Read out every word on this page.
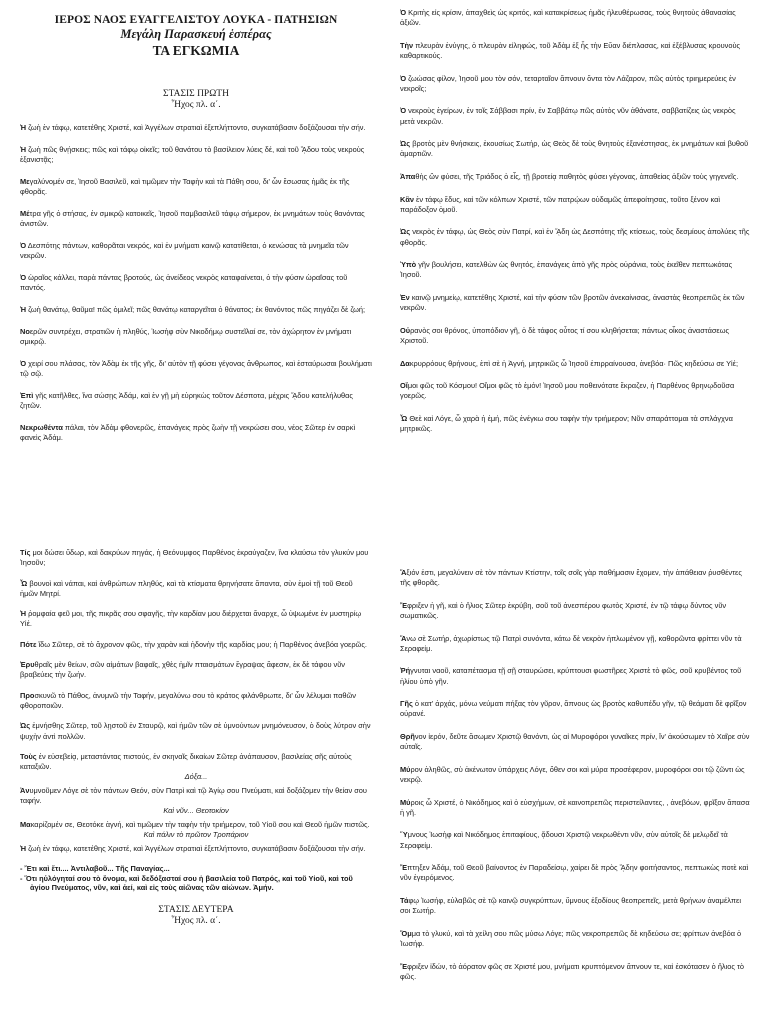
ΙΕΡΟΣ ΝΑΟΣ ΕΥΑΓΓΕΛΙΣΤΟΥ ΛΟΥΚΑ - ΠΑΤΗΣΙΩΝ
Μεγάλη Παρασκευή ἑσπέρας
ΤΑ ΕΓΚΩΜΙΑ
ΣΤΑΣΙΣ ΠΡΩΤΗ
Ἦχος πλ. α΄.
Ἡ ζωὴ ἐν τάφῳ, κατετέθης Χριστέ, καὶ Ἀγγέλων στρατιαὶ ἐξεπλήττοντο, συγκατάβασιν δοξάζουσαι τὴν σήν.
Ἡ ζωὴ πῶς θνῄσκεις; πῶς καὶ τάφῳ οἰκεῖς; τοῦ θανάτου τὸ βασίλειον λύεις δέ, καὶ τοῦ ᾍδου τοὺς νεκροὺς ἐξανιστᾷς;
Μεγαλύνομέν σε, Ἰησοῦ Βασιλεῦ, καὶ τιμῶμεν τὴν Ταφὴν καὶ τὰ Πάθη σου, δι' ὧν ἔσωσας ἡμᾶς ἐκ τῆς φθορᾶς.
Μέτρα γῆς ὁ στήσας, ἐν σμικρῷ κατοικεῖς, Ἰησοῦ παμβασιλεῦ τάφῳ σήμερον, ἐκ μνημάτων τοὺς θανόντας ἀνιστῶν.
Ὁ Δεσπότης πάντων, καθορᾶται νεκρός, καὶ ἐν μνήματι καινῷ κατατίθεται, ὁ κενώσας τὰ μνημεῖα τῶν νεκρῶν.
Ὁ ὡραῖος κάλλει, παρὰ πάντας βροτούς, ὡς ἀνείδεος νεκρὸς καταφαίνεται, ὁ τὴν φύσιν ὡραΐσας τοῦ παντός.
Ἡ ζωὴ θανάτῳ, θαῦμα! πῶς ὁμιλεῖ; πῶς θανάτῳ καταργεῖται ὁ θάνατος; ἐκ θανόντος πῶς πηγάζει δὲ ζωή;
Νοερῶν συντρέχει, στρατιῶν ἡ πληθύς, Ἰωσὴφ σὺν Νικοδήμῳ συστεῖλαί σε, τὸν ἀχώρητον ἐν μνήματι σμικρῷ.
Ὁ χειρί σου πλάσας, τὸν Ἀδὰμ ἐκ τῆς γῆς, δι' αὐτὸν τῇ φύσει γέγονας ἄνθρωπος, καὶ ἐσταύρωσαι βουλήματι τῷ σῷ.
Ἐπὶ γῆς κατῆλθες, ἵνα σώσῃς Ἀδάμ, καὶ ἐν γῇ μὴ εὑρηκὼς τοῦτον Δέσποτα, μέχρις ᾍδου κατελήλυθας ζητῶν.
Νεκρωθέντα πάλαι, τὸν Ἀδὰμ φθονερῶς, ἐπανάγεις πρὸς ζωὴν τῇ νεκρώσει σου, νέος Σῶτερ ἐν σαρκὶ φανεὶς Ἀδάμ.
Ὁ Κριτὴς εἰς κρίσιν, ἀπαχθεὶς ὡς κριτός, καὶ κατακρίσεως ἡμᾶς ἠλευθέρωσας, τοὺς θνητοὺς ἀθανασίας ἀξιῶν.
Τὴν πλευρὰν ἐνύγης, ὁ πλευρὰν εἰληφώς, τοῦ Ἀδὰμ ἐξ ἧς τὴν Εὔαν διέπλασας, καὶ ἐξέβλυσας κρουνοὺς καθαρτικούς.
Ὁ ζωώσας φίλον, Ἰησοῦ μου τὸν σόν, τεταρταῖον ἄπνουν ὄντα τὸν Λάζαρον, πῶς αὐτὸς τριημερεύεις ἐν νεκροῖς;
Ὁ νεκροὺς ἐγείρων, ἐν τοῖς Σάββασι πρίν, ἐν Σαββάτῳ πῶς αὐτὸς νῦν ἀθάνατε, σαββατίζεις ὡς νεκρὸς μετὰ νεκρῶν.
Ὡς βροτὸς μὲν θνήσκεις, ἑκουσίως Σωτήρ, ὡς Θεὸς δὲ τοὺς θνητοὺς ἐξανέστησας, ἐκ μνημάτων καὶ βυθοῦ ἁμαρτιῶν.
Ἀπαθὴς ὢν φύσει, τῆς Τριάδος ὁ εἷς, τῇ βροτείᾳ παθητὸς φύσει γέγονας, ἀπαθείας ἀξιῶν τοὺς γηγενεῖς.
Κἂν ἐν τάφῳ ἔδυς, καὶ τῶν κόλπων Χριστέ, τῶν πατρῴων οὐδαμῶς ἀπεφοίτησας, τοῦτο ξένον καὶ παράδοξον ὁμοῦ.
Ὡς νεκρὸς ἐν τάφῳ, ὡς Θεὸς σὺν Πατρί, καὶ ἐν ᾍδη ὡς Δεσπότης τῆς κτίσεως, τοὺς δεσμίους ἀπολύεις τῆς φθορᾶς.
Ὑπὸ γῆν βουλήσει, κατελθὼν ὡς θνητός, ἐπανάγεις ἀπὸ γῆς πρὸς οὐράνια, τοὺς ἐκεῖθεν πεπτωκότας Ἰησοῦ.
Ἐν καινῷ μνημείῳ, κατετέθης Χριστέ, καὶ τὴν φύσιν τῶν βροτῶν ἀνεκαίνισας, ἀναστὰς θεοπρεπῶς ἐκ τῶν νεκρῶν.
Οὐρανὸς σοι θρόνος, ὑποπόδιον γῆ, ὁ δὲ τάφος οὗτος τί σου κληθήσεται; πάντως οἶκος ἀναστάσεως Χριστοῦ.
Δακρυρρόους θρήνους, ἐπὶ σὲ ἡ Ἁγνή, μητρικῶς ὦ Ἰησοῦ ἐπιρραίνουσα, ἀνεβόα· Πῶς κηδεύσω σε Υἱέ;
Οἴμοι φῶς τοῦ Κόσμου! Οἴμοι φῶς τὸ ἐμόν! Ἰησοῦ μου ποθεινότατε ἔκραζεν, ἡ Παρθένος θρηνῳδοῦσα γοερῶς.
Ὦ Θεὲ καὶ Λόγε, ὦ χαρὰ ἡ ἐμή, πῶς ἐνέγκω σου ταφὴν τὴν τριήμερον; Νῦν σπαράττομαι τὰ σπλάγχνα μητρικῶς.
Τίς μοι δώσει ὕδωρ, καὶ δακρύων πηγάς, ἡ Θεόνυμφος Παρθένος ἐκραύγαζεν, ἵνα κλαύσω τὸν γλυκύν μου Ἰησοῦν;
Ὦ βουνοὶ καὶ νάπαι, καὶ ἀνθρώπων πληθύς, καὶ τὰ κτίσματα θρηνήσατε ἅπαντα, σὺν ἐμοὶ τῇ τοῦ Θεοῦ ἡμῶν Μητρί.
Ἡ ῥομφαία φεῦ μοι, τῆς πικρᾶς σου σφαγῆς, τὴν καρδίαν μου διέρχεται ἄναρχε, ὦ ὑψωμένε ἐν μυστηρίῳ Υἱέ.
Πότε ἴδω Σῶτερ, σὲ τὸ ἄχρονον φῶς, τὴν χαρὰν καὶ ἡδονὴν τῆς καρδίας μου; ἡ Παρθένος ἀνεβόα γοερῶς.
Ἐρυθραῖς μὲν θείων, σῶν αἱμάτων βαφαῖς, χθὲς ἡμῖν πταισμάτων ἔγραψας ἄφεσιν, ἐκ δὲ τάφου νῦν βραβεύεις τὴν ζωήν.
Προσκυνῶ τὸ Πάθος, ἀνυμνῶ τὴν Ταφήν, μεγαλύνω σου τὸ κράτος φιλάνθρωπε, δι' ὧν λέλυμαι παθῶν φθοροποιῶν.
Ὡς ἐμνήσθης Σῶτερ, τοῦ λῃστοῦ ἐν Σταυρῷ, καὶ ἡμῶν τῶν σὲ ὑμνούντων μνημόνευσον, ὁ δοὺς λύτρον σὴν ψυχὴν ἀντὶ πολλῶν.
Τοὺς ἐν εὐσεβείᾳ, μεταστάντας πιστούς, ἐν σκηναῖς δικαίων Σῶτερ ἀνάπαυσον, βασιλείας σῆς αὐτοὺς καταξιῶν.
Δόξα...
Ἀνυμνοῦμεν Λόγε σὲ τὸν πάντων Θεόν, σὺν Πατρὶ καὶ τῷ Ἁγίῳ σου Πνεύματι, καὶ δοξάζομεν τὴν θείαν σου ταφήν.
Καὶ νῦν... Θεοτοκίον
Μακαρίζομέν σε, Θεοτόκε ἁγνή, καὶ τιμῶμεν τὴν ταφὴν τὴν τριήμερον, τοῦ Υἱοῦ σου καὶ Θεοῦ ἡμῶν πιστῶς.
Καὶ πάλιν τὸ πρῶτον Τροπάριον
Ἡ ζωὴ ἐν τάφῳ, κατετέθης Χριστέ, καὶ Ἀγγέλων στρατιαὶ ἐξεπλήττοντο, συγκατάβασιν δοξάζουσαι τὴν σήν.
- Ἔτι καὶ ἔτι.... Ἀντιλαβοῦ... Τῆς Παναγίας...
- Ὅτι ηὐλόγηταί σου τὸ ὄνομα, καὶ δεδόξασταί σου ἡ βασιλεία τοῦ Πατρός, καὶ τοῦ Υἱοῦ, καὶ τοῦ ἁγίου Πνεύματος, νῦν, καὶ ἀεί, καὶ εἰς τοὺς αἰῶνας τῶν αἰώνων. Ἀμήν.
ΣΤΑΣΙΣ ΔΕΥΤΕΡΑ
Ἦχος πλ. α΄.
Ἄξιόν ἐστι, μεγαλύνειν σὲ τὸν πάντων Κτίστην, τοῖς σοῖς γὰρ παθήμασιν ἔχομεν, τὴν ἀπάθειαν ῥυσθέντες τῆς φθορᾶς.
Ἔφριξεν ἡ γῆ, καὶ ὁ ἥλιος Σῶτερ ἐκρύβη, σοῦ τοῦ ἀνεσπέρου φωτὸς Χριστέ, ἐν τῷ τάφῳ δύντος νῦν σωματικῶς.
Ἄνω σὲ Σωτήρ, ἀχωρίστως τῷ Πατρὶ συνόντα, κάτω δὲ νεκρὸν ἡπλωμένον γῇ, καθορῶντα φρίττει νῦν τὰ Σεραφείμ.
Ῥήγνυται ναοῦ, καταπέτασμα τῇ σῇ σταυρώσει, κρύπτουσι φωστῆρες Χριστὲ τὸ φῶς, σοῦ κρυβέντος τοῦ ἡλίου ὑπὸ γῆν.
Γῆς ὁ κατ' ἀρχάς, μόνω νεύματι πήξας τὸν γῦρον, ἄπνους ὡς βροτὸς καθυπέδυ γῆν, τῷ θεάματι δὲ φρῖξον οὐρανέ.
Θρῆνον ἱερόν, δεῦτε ἄσωμεν Χριστῷ θανόντι, ὡς αἱ Μυροφόροι γυναῖκες πρίν, ἵν' ἀκούσωμεν τὸ Χαῖρε σὺν αὐταῖς.
Μύρον ἀληθῶς, σὺ ἀκένωτον ὑπάρχεις Λόγε, ὅθεν σοι καὶ μύρα προσέφερον, μυροφόροι σοι τῷ ζῶντι ὡς νεκρῷ.
Μύροις ὦ Χριστέ, ὁ Νικόδημος καὶ ὁ εὐσχήμων, σὲ καινοπρεπῶς περιστείλαντες, , ἀνεβόων, φρῖξον ἅπασα ἡ γῆ.
Ὕμνους Ἰωσὴφ καὶ Νικόδημος ἐπιταφίους, ᾄδουσι Χριστῷ νεκρωθέντι νῦν, σὺν αὐτοῖς δὲ μελῳδεῖ τὰ Σεραφείμ.
Ἔπτηξεν Ἀδάμ, τοῦ Θεοῦ βαίνοντος ἐν Παραδείσῳ, χαίρει δὲ πρὸς ᾍδην φοιτήσαντος, πεπτωκὼς ποτὲ καὶ νῦν ἐγειρόμενος.
Τάφῳ Ἰωσήφ, εὐλαβῶς σὲ τῷ καινῷ συγκρύπτων, ὕμνους ἐξοδίους θεοπρεπεῖς, μετὰ θρήνων ἀναμέλπει σοι Σωτήρ.
Ὄμμα τὸ γλυκύ, καὶ τὰ χείλη σου πῶς μύσω Λόγε; πῶς νεκροπρεπῶς δὲ κηδεύσω σε; φρίττων ἀνεβόα ὁ Ἰωσήφ.
Ἔφριξεν ἰδών, τὸ ἀόρατον φῶς σε Χριστέ μου, μνήματι κρυπτόμενον ἄπνουν τε, καὶ ἐσκότασεν ὁ ἥλιος τὸ φῶς.
